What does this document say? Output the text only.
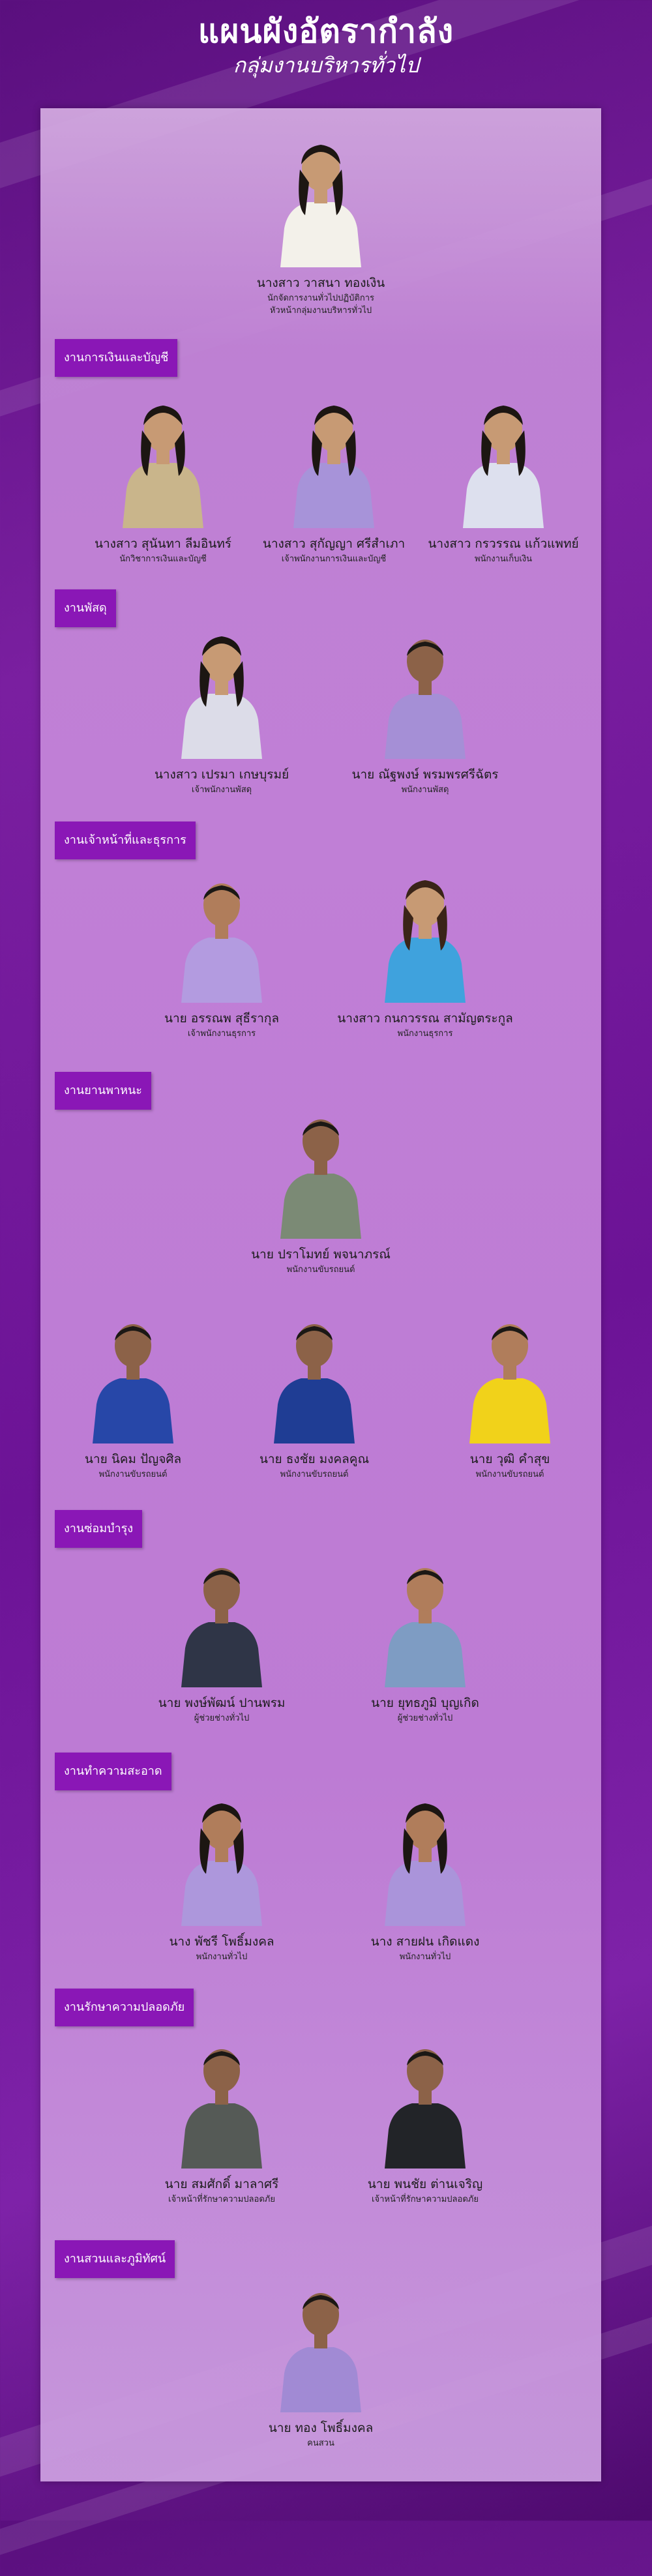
แผนผังอัตรากำลัง
กลุ่มงานบริหารทั่วไป
นางสาว วาสนา ทองเงิน
นักจัดการงานทั่วไปปฏิบัติการ
หัวหน้ากลุ่มงานบริหารทั่วไป
งานการเงินและบัญชี
นางสาว สุนันทา ลีมอินทร์
นักวิชาการเงินและบัญชี
นางสาว สุกัญญา ศรีสำเภา
เจ้าพนักงานการเงินและบัญชี
นางสาว กรวรรณ แก้วแพทย์
พนักงานเก็บเงิน
งานพัสดุ
นางสาว เปรมา เกษบุรมย์
เจ้าพนักงานพัสดุ
นาย ณัฐพงษ์ พรมพรศรีฉัตร
พนักงานพัสดุ
งานเจ้าหน้าที่และธุรการ
นาย อรรณพ สุธีรากุล
เจ้าพนักงานธุรการ
นางสาว กนกวรรณ สามัญตระกูล
พนักงานธุรการ
งานยานพาหนะ
นาย ปราโมทย์ พจนาภรณ์
พนักงานขับรถยนต์
นาย นิคม ปัญจศิล
พนักงานขับรถยนต์
นาย ธงชัย มงคลคูณ
พนักงานขับรถยนต์
นาย วุฒิ คำสุข
พนักงานขับรถยนต์
งานซ่อมบำรุง
นาย พงษ์พัฒน์ ปานพรม
ผู้ช่วยช่างทั่วไป
นาย ยุทธภูมิ บุญเกิด
ผู้ช่วยช่างทั่วไป
งานทำความสะอาด
นาง พัชรี โพธิ์มงคล
พนักงานทั่วไป
นาง สายฝน เกิดแดง
พนักงานทั่วไป
งานรักษาความปลอดภัย
นาย สมศักดิ์ มาลาศรี
เจ้าหน้าที่รักษาความปลอดภัย
นาย พนชัย ต่านเจริญ
เจ้าหน้าที่รักษาความปลอดภัย
งานสวนและภูมิทัศน์
นาย ทอง โพธิ์มงคล
คนสวน
